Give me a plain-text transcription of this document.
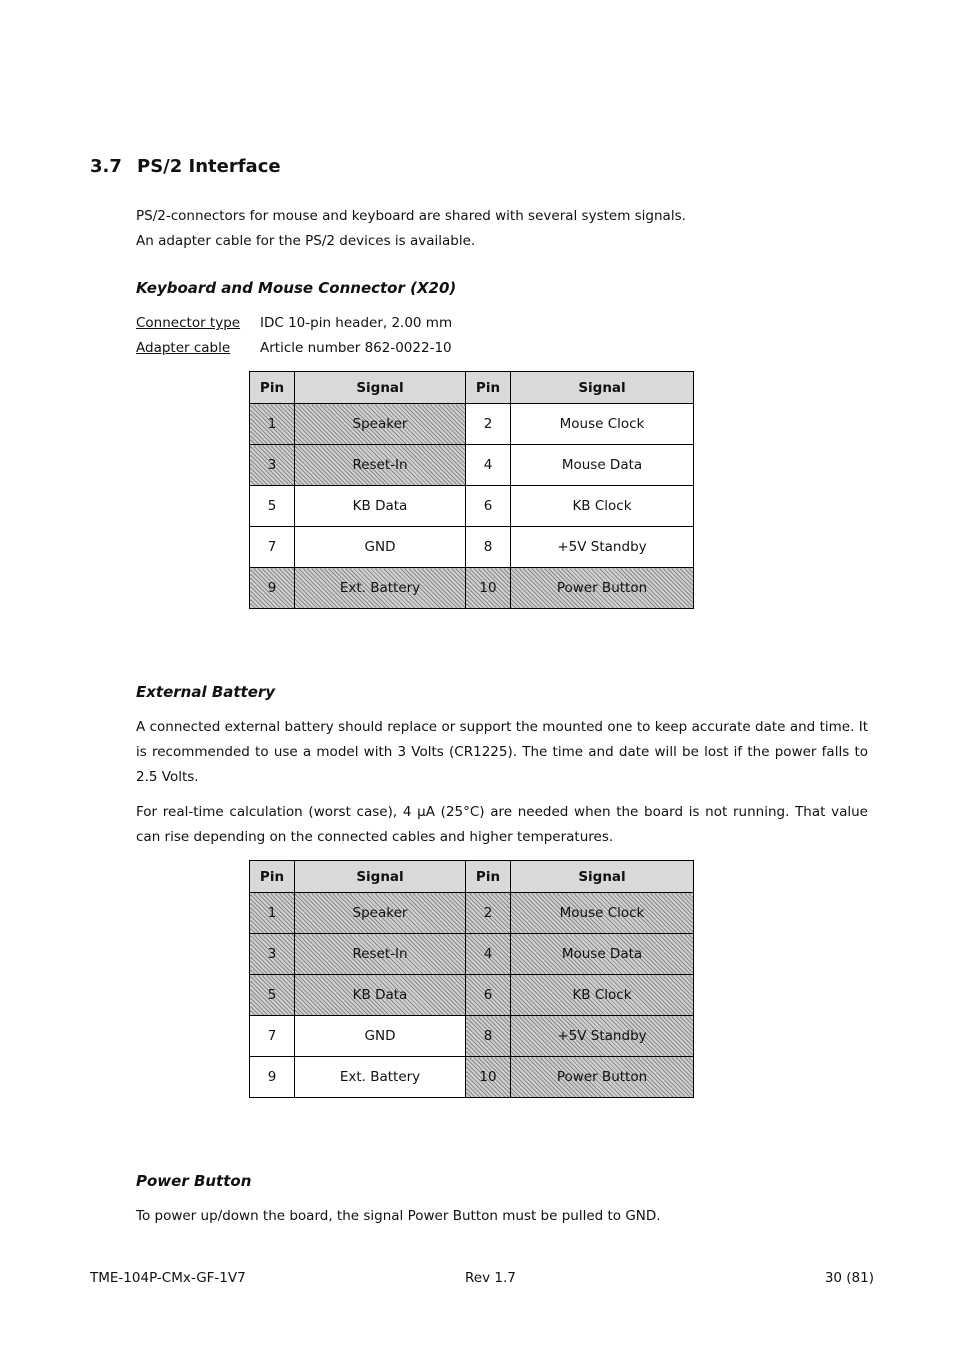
3.7 PS/2 Interface

PS/2-connectors for mouse and keyboard are shared with several system signals.

An adapter cable for the PS/2 devices is available.

Keyboard and Mouse Connector (X20)
Connector type IDC 10-pin header, 2.00 mm
Adapter cable Article number 862-0022-10
Pin	Signal	Pin	Signal
1	Speaker	2	Mouse Clock
3	Reset-In	4	Mouse Data
5	KB Data	6	KB Clock
7	GND	8	+5V Standby
9	Ext. Battery	10	Power Button
External Battery

A connected external battery should replace or support the mounted one to keep accurate date and time. It is recommended to use a model with 3 Volts (CR1225). The time and date will be lost if the power falls to 2.5 Volts.

For real-time calculation (worst case), 4 µA (25°C) are needed when the board is not running. That value can rise depending on the connected cables and higher temperatures.

Pin	Signal	Pin	Signal
1	Speaker	2	Mouse Clock
3	Reset-In	4	Mouse Data
5	KB Data	6	KB Clock
7	GND	8	+5V Standby
9	Ext. Battery	10	Power Button
Power Button

To power up/down the board, the signal Power Button must be pulled to GND.

TME-104P-CMx-GF-1V7	Rev 1.7	30 (81)
